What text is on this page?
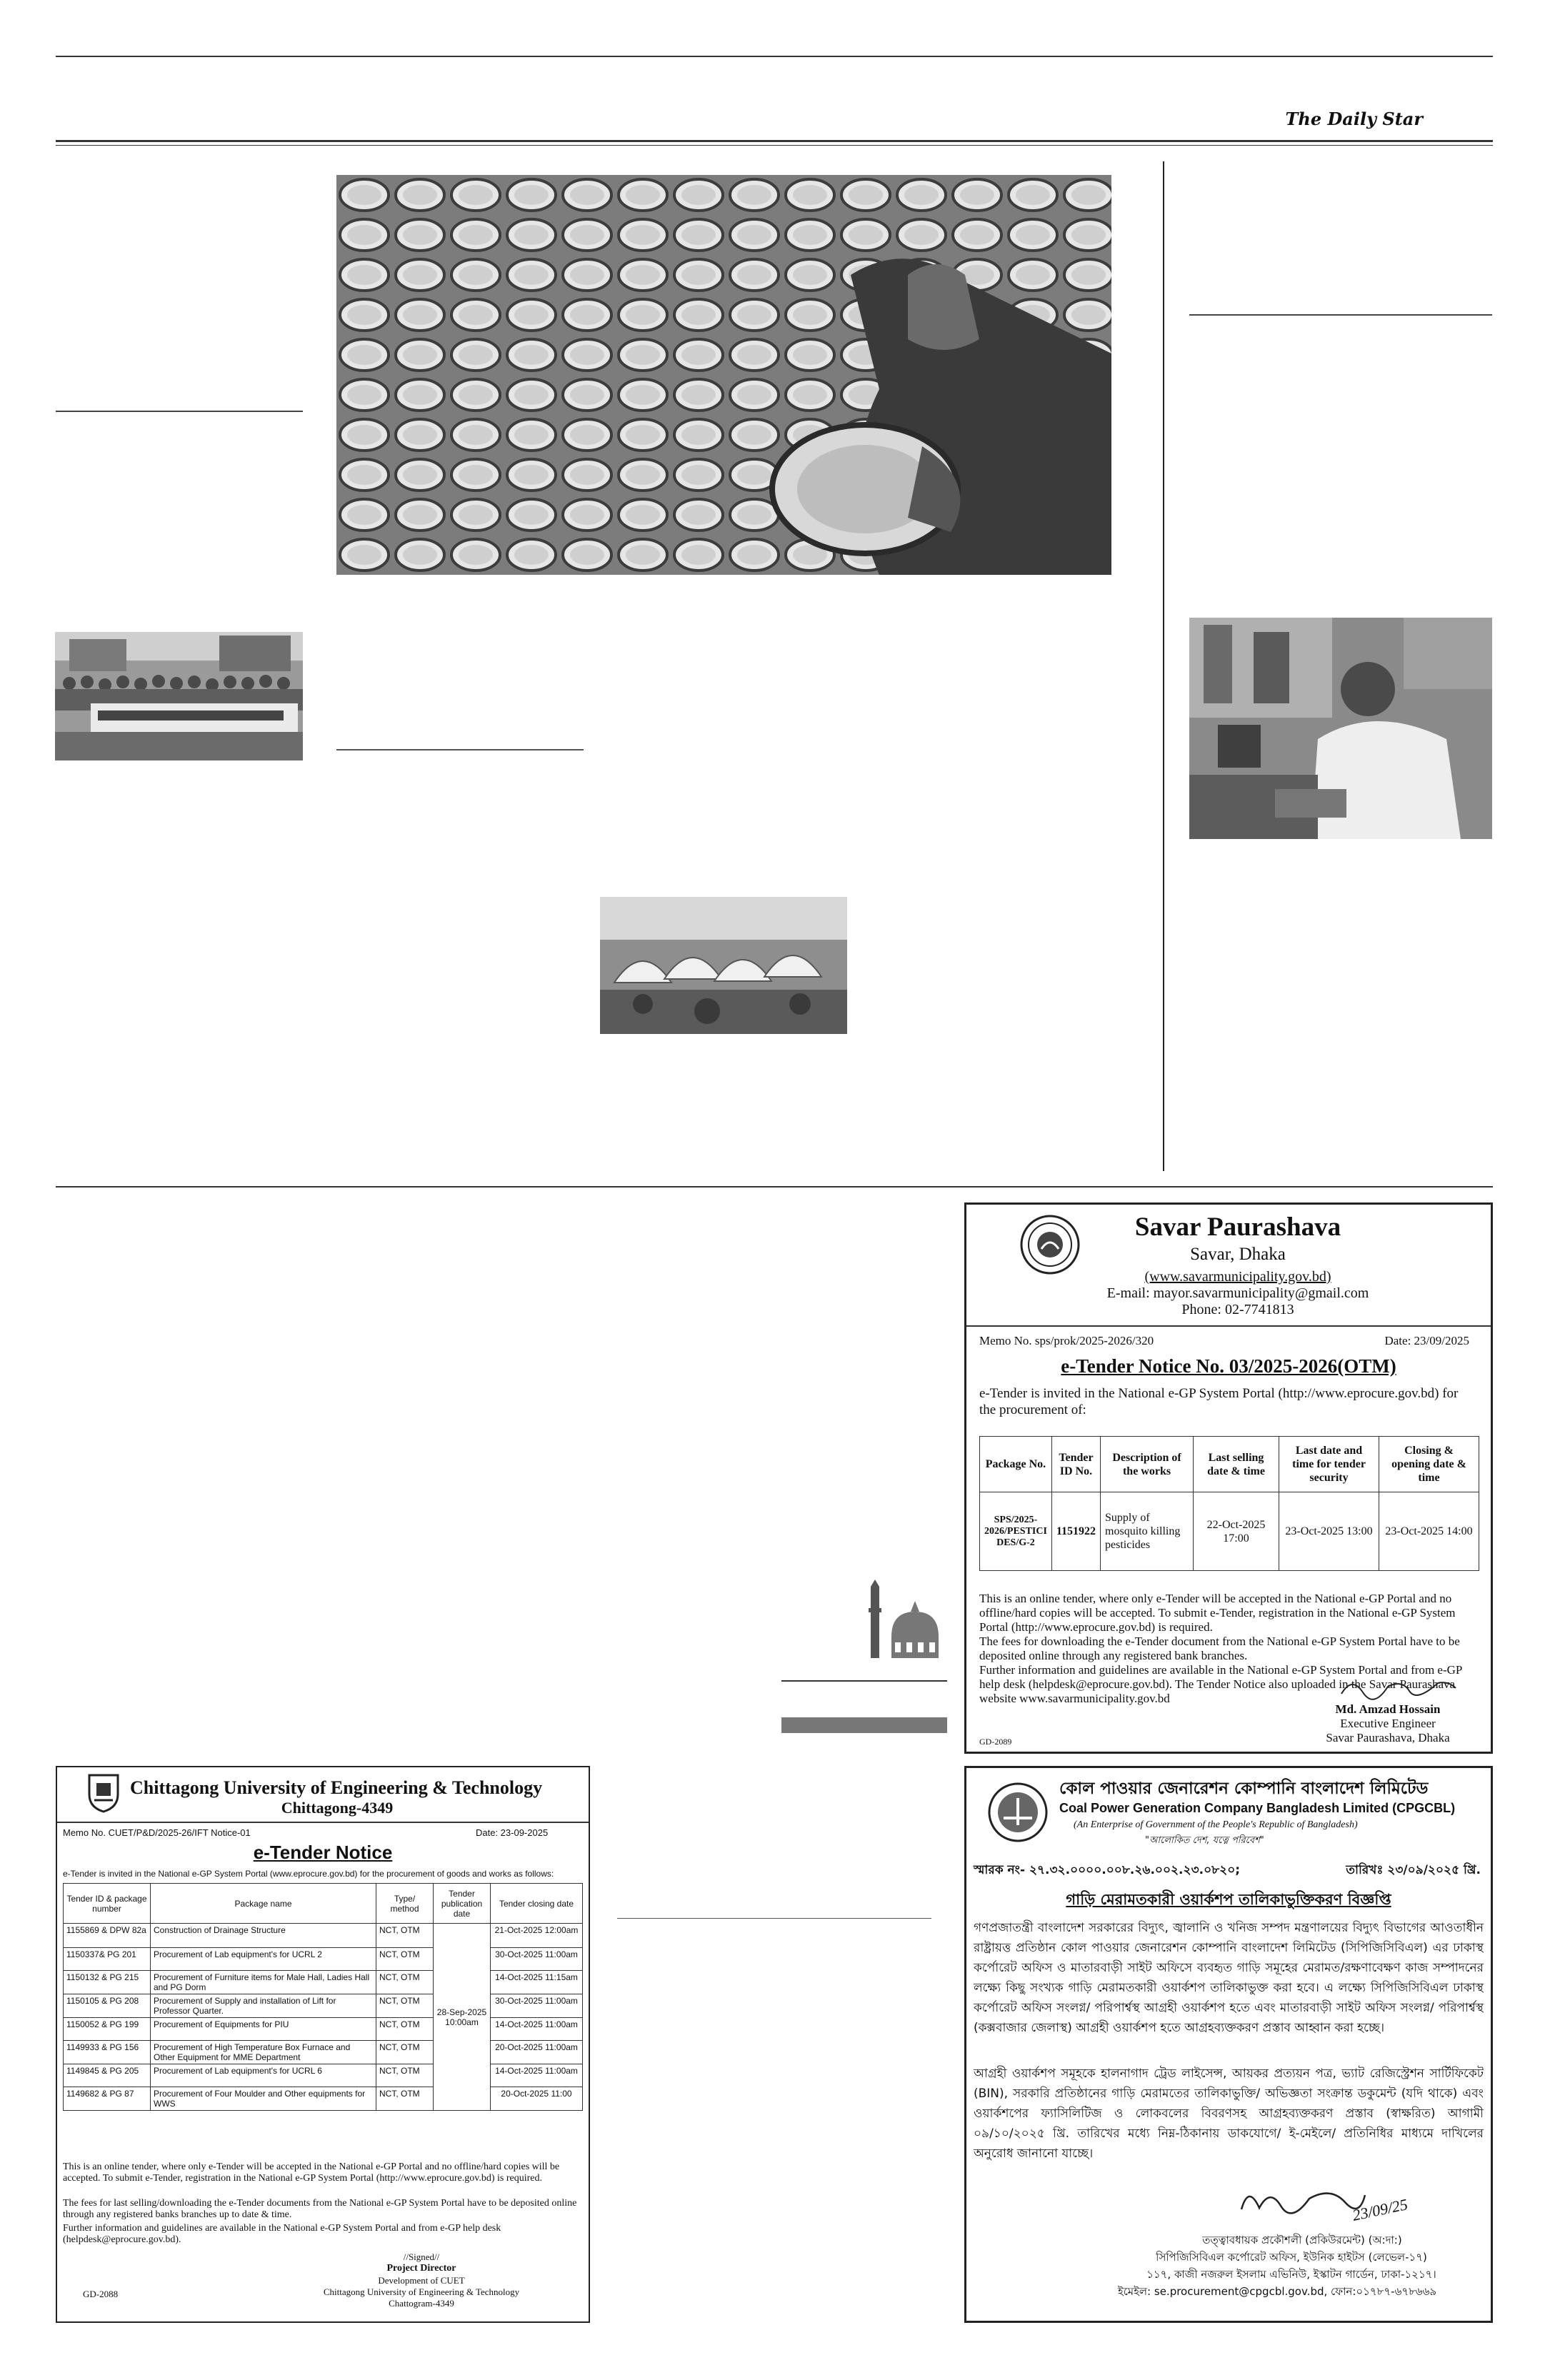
The Daily Star
Savar Paurashava
Savar, Dhaka
(www.savarmunicipality.gov.bd)
E-mail: mayor.savarmunicipality@gmail.com
Phone: 02-7741813
Memo No. sps/prok/2025-2026/320	Date: 23/09/2025
e-Tender Notice No. 03/2025-2026(OTM)
e-Tender is invited in the National e-GP System Portal (http://www.eprocure.gov.bd) for the procurement of:
Package No.	Tender ID No.	Description of the works	Last selling date & time	Last date and time for tender security	Closing & opening date & time
SPS/2025-2026/PESTICI DES/G-2	1151922	Supply of mosquito killing pesticides	22-Oct-2025 17:00	23-Oct-2025 13:00	23-Oct-2025 14:00
This is an online tender, where only e-Tender will be accepted in the National e-GP Portal and no offline/hard copies will be accepted. To submit e-Tender, registration in the National e-GP System Portal (http://www.eprocure.gov.bd) is required.
The fees for downloading the e-Tender document from the National e-GP System Portal have to be deposited online through any registered bank branches.
Further information and guidelines are available in the National e-GP System Portal and from e-GP help desk (helpdesk@eprocure.gov.bd). The Tender Notice also uploaded in the Savar Paurashava website www.savarmunicipality.gov.bd
Md. Amzad Hossain
Executive Engineer
Savar Paurashava, Dhaka
GD-2089
Chittagong University of Engineering & Technology
Chittagong-4349
Memo No. CUET/P&D/2025-26/IFT Notice-01	Date: 23-09-2025
e-Tender Notice
e-Tender is invited in the National e-GP System Portal (www.eprocure.gov.bd) for the procurement of goods and works as follows:
Tender ID & package number	Package name	Type/ method	Tender publication date	Tender closing date
1155869 & DPW 82a	Construction of Drainage Structure	NCT, OTM	28-Sep-2025 10:00am	21-Oct-2025 12:00am
1150337& PG 201	Procurement of Lab equipment's for UCRL 2	NCT, OTM		30-Oct-2025 11:00am
1150132 & PG 215	Procurement of Furniture items for Male Hall, Ladies Hall and PG Dorm	NCT, OTM		14-Oct-2025 11:15am
1150105 & PG 208	Procurement of Supply and installation of Lift for Professor Quarter.	NCT, OTM		30-Oct-2025 11:00am
1150052 & PG 199	Procurement of Equipments for PIU	NCT, OTM		14-Oct-2025 11:00am
1149933 & PG 156	Procurement of High Temperature Box Furnace and Other Equipment for MME Department	NCT, OTM		20-Oct-2025 11:00am
1149845 & PG 205	Procurement of Lab equipment's for UCRL 6	NCT, OTM		14-Oct-2025 11:00am
1149682 & PG 87	Procurement of Four Moulder and Other equipments for WWS	NCT, OTM		20-Oct-2025 11:00
This is an online tender, where only e-Tender will be accepted in the National e-GP Portal and no offline/hard copies will be accepted. To submit e-Tender, registration in the National e-GP System Portal (http://www.eprocure.gov.bd) is required.
The fees for last selling/downloading the e-Tender documents from the National e-GP System Portal have to be deposited online through any registered banks branches up to date & time.
Further information and guidelines are available in the National e-GP System Portal and from e-GP help desk (helpdesk@eprocure.gov.bd).
//Signed//
Project Director
Development of CUET
Chittagong University of Engineering & Technology
Chattogram-4349
GD-2088
কোল পাওয়ার জেনারেশন কোম্পানি বাংলাদেশ লিমিটেড
Coal Power Generation Company Bangladesh Limited (CPGCBL)
(An Enterprise of Government of the People's Republic of Bangladesh)
"আলোকিত দেশ, যত্নে পরিবেশ"
স্মারক নং- ২৭.৩২.০০০০.০০৮.২৬.০০২.২৩.০৮২০;	তারিখঃ ২৩/০৯/২০২৫ খ্রি.
গাড়ি মেরামতকারী ওয়ার্কশপ তালিকাভুক্তিকরণ বিজ্ঞপ্তি
গণপ্রজাতন্ত্রী বাংলাদেশ সরকারের বিদ্যুৎ, জ্বালানি ও খনিজ সম্পদ মন্ত্রণালয়ের বিদ্যুৎ বিভাগের আওতাধীন রাষ্ট্রায়ত্ত প্রতিষ্ঠান কোল পাওয়ার জেনারেশন কোম্পানি বাংলাদেশ লিমিটেড (সিপিজিসিবিএল) এর ঢাকাস্থ কর্পোরেট অফিস ও মাতারবাড়ী সাইট অফিসে ব্যবহৃত গাড়ি সমূহের মেরামত/রক্ষণাবেক্ষণ কাজ সম্পাদনের লক্ষ্যে কিছু সংখ্যক গাড়ি মেরামতকারী ওয়ার্কশপ তালিকাভুক্ত করা হবে। এ লক্ষ্যে সিপিজিসিবিএল ঢাকাস্থ কর্পোরেট অফিস সংলগ্ন/ পরিপার্শ্বস্থ আগ্রহী ওয়ার্কশপ হতে এবং মাতারবাড়ী সাইট অফিস সংলগ্ন/ পরিপার্শ্বস্থ (কক্সবাজার জেলাস্থ) আগ্রহী ওয়ার্কশপ হতে আগ্রহব্যক্তকরণ প্রস্তাব আহ্বান করা হচ্ছে।
আগ্রহী ওয়ার্কশপ সমূহকে হালনাগাদ ট্রেড লাইসেন্স, আয়কর প্রত্যয়ন পত্র, ভ্যাট রেজিস্ট্রেশন সার্টিফিকেট (BIN), সরকারি প্রতিষ্ঠানের গাড়ি মেরামতের তালিকাভুক্তি/ অভিজ্ঞতা সংক্রান্ত ডকুমেন্ট (যদি থাকে) এবং ওয়ার্কশপের ফ্যাসিলিটিজ ও লোকবলের বিবরণসহ আগ্রহব্যক্তকরণ প্রস্তাব (স্বাক্ষরিত) আগামী ০৯/১০/২০২৫ খ্রি. তারিখের মধ্যে নিম্ন-ঠিকানায় ডাকযোগে/ ই-মেইলে/ প্রতিনিধির মাধ্যমে দাখিলের অনুরোধ জানানো যাচ্ছে।
23/09/25
তত্ত্বাবধায়ক প্রকৌশলী (প্রকিউরমেন্ট) (অ:দা:)
সিপিজিসিবিএল কর্পোরেট অফিস, ইউনিক হাইটস (লেভেল-১৭)
১১৭, কাজী নজরুল ইসলাম এভিনিউ, ইস্কাটন গার্ডেন, ঢাকা-১২১৭।
ইমেইল: se.procurement@cpgcbl.gov.bd, ফোন:০১৭৮৭-৬৭৮৬৬৯
